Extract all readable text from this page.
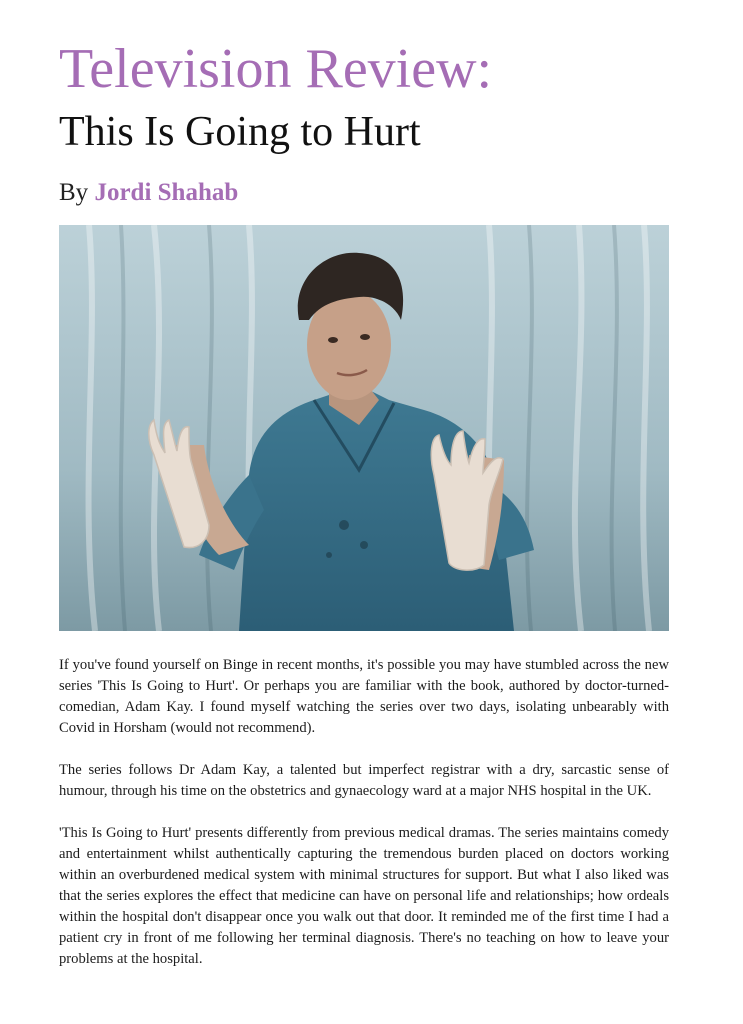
Television Review:
This Is Going to Hurt
By Jordi Shahab

If you've found yourself on Binge in recent months, it's possible you may have stumbled across the new series 'This Is Going to Hurt'. Or perhaps you are familiar with the book, authored by doctor-turned-comedian, Adam Kay. I found myself watching the series over two days, isolating unbearably with Covid in Horsham (would not recommend).

The series follows Dr Adam Kay, a talented but imperfect registrar with a dry, sarcastic sense of humour, through his time on the obstetrics and gynaecology ward at a major NHS hospital in the UK.

'This Is Going to Hurt' presents differently from previous medical dramas. The series maintains comedy and entertainment whilst authentically capturing the tremendous burden placed on doctors working within an overburdened medical system with minimal structures for support. But what I also liked was that the series explores the effect that medicine can have on personal life and relationships; how ordeals within the hospital don't disappear once you walk out that door. It reminded me of the first time I had a patient cry in front of me following her terminal diagnosis. There's no teaching on how to leave your problems at the hospital.
